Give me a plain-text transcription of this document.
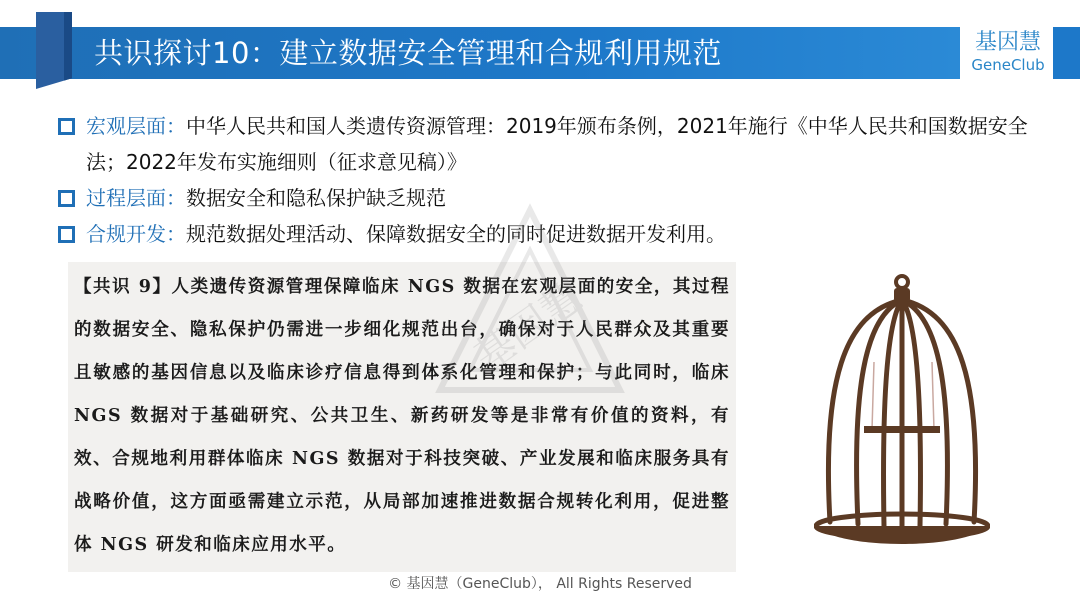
共识探讨10：建立数据安全管理和合规利用规范	基因慧
GeneClub
宏观层面：中华人民共和国人类遗传资源管理：2019年颁布条例，2021年施行《中华人民共和国数据安全法；2022年发布实施细则（征求意见稿）》
过程层面：数据安全和隐私保护缺乏规范
合规开发：规范数据处理活动、保障数据安全的同时促进数据开发利用。

【共识 9】人类遗传资源管理保障临床 NGS 数据在宏观层面的安全，其过程的数据安全、隐私保护仍需进一步细化规范出台，确保对于人民群众及其重要且敏感的基因信息以及临床诊疗信息得到体系化管理和保护；与此同时，临床 NGS 数据对于基础研究、公共卫生、新药研发等是非常有价值的资料，有效、合规地利用群体临床 NGS 数据对于科技突破、产业发展和临床服务具有战略价值，这方面亟需建立示范，从局部加速推进数据合规转化利用，促进整体 NGS 研发和临床应用水平。

基因慧
© 基因慧（GeneClub）， All Rights Reserved
